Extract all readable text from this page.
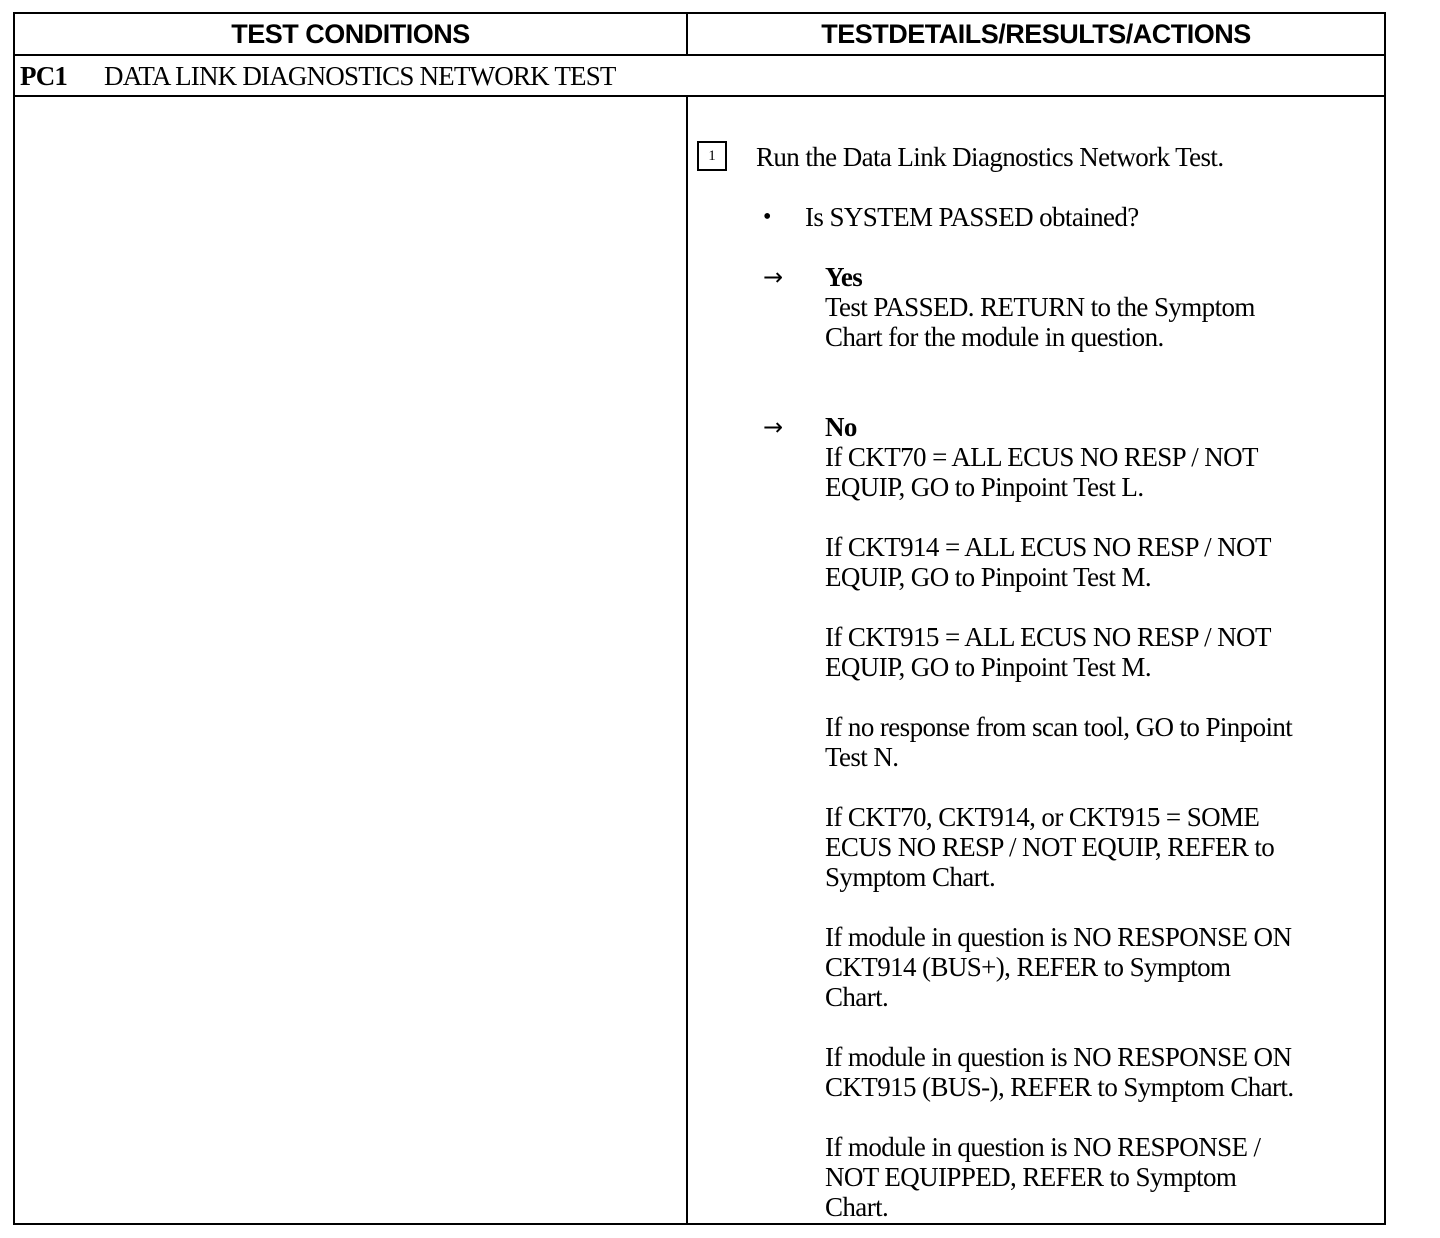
TEST CONDITIONS	TESTDETAILS/RESULTS/ACTIONS
PC1 DATA LINK DIAGNOSTICS NETWORK TEST
1	Run the Data Link Diagnostics Network Test.
• Is SYSTEM PASSED obtained?
→ Yes
Test PASSED. RETURN to the Symptom
Chart for the module in question.
→ No
If CKT70 = ALL ECUS NO RESP / NOT
EQUIP, GO to Pinpoint Test L.
If CKT914 = ALL ECUS NO RESP / NOT
EQUIP, GO to Pinpoint Test M.
If CKT915 = ALL ECUS NO RESP / NOT
EQUIP, GO to Pinpoint Test M.
If no response from scan tool, GO to Pinpoint
Test N.
If CKT70, CKT914, or CKT915 = SOME
ECUS NO RESP / NOT EQUIP, REFER to
Symptom Chart.
If module in question is NO RESPONSE ON
CKT914 (BUS+), REFER to Symptom
Chart.
If module in question is NO RESPONSE ON
CKT915 (BUS-), REFER to Symptom Chart.
If module in question is NO RESPONSE /
NOT EQUIPPED, REFER to Symptom
Chart.
